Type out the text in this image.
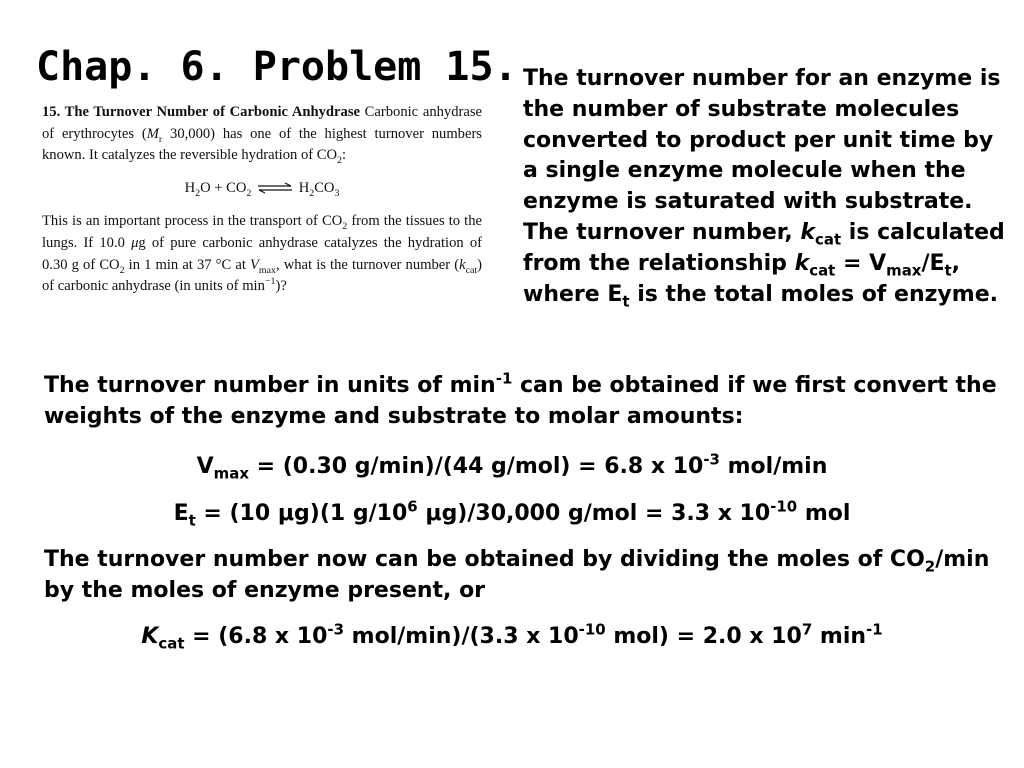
Chap. 6. Problem 15.

15. The Turnover Number of Carbonic Anhydrase Carbonic anhydrase of erythrocytes ($M_r$ 30,000) has one of the highest turnover numbers known. It catalyzes the reversible hydration of $CO_2$:

$H_2O + CO_2$ ⇌ $H_2CO_3$

This is an important process in the transport of $CO_2$ from the tissues to the lungs. If 10.0 μg of pure carbonic anhydrase catalyzes the hydration of 0.30 g of $CO_2$ in 1 min at 37 °C at $V_{max}$, what is the turnover number $(k_{cat})$ of carbonic anhydrase (in units of $\min^{-1}$)?

The turnover number for an enzyme is the number of substrate molecules converted to product per unit time by a single enzyme molecule when the enzyme is saturated with substrate. The turnover number, $k_{cat}$ is calculated from the relationship $k_{cat} = V_{max}/E_t$, where $E_t$ is the total moles of enzyme.

The turnover number in units of $\min^{-1}$ can be obtained if we first convert the weights of the enzyme and substrate to molar amounts:

$V_{max} = (0.30$ g/min)/(44 g/mol) = 6.8 x $10^{-3}$ mol/min

$E_t = (10$ μg)(1 $g/10^6$ μg)/30,000 g/mol = 3.3 x $10^{-10}$ mol

The turnover number now can be obtained by dividing the moles of $CO_2/\min$ by the moles of enzyme present, or

$K_{cat} = (6.8$ x $10^{-3}$ mol/min)/(3.3 x $10^{-10}$ mol) = 2.0 x $10^7$ $\min^{-1}$
